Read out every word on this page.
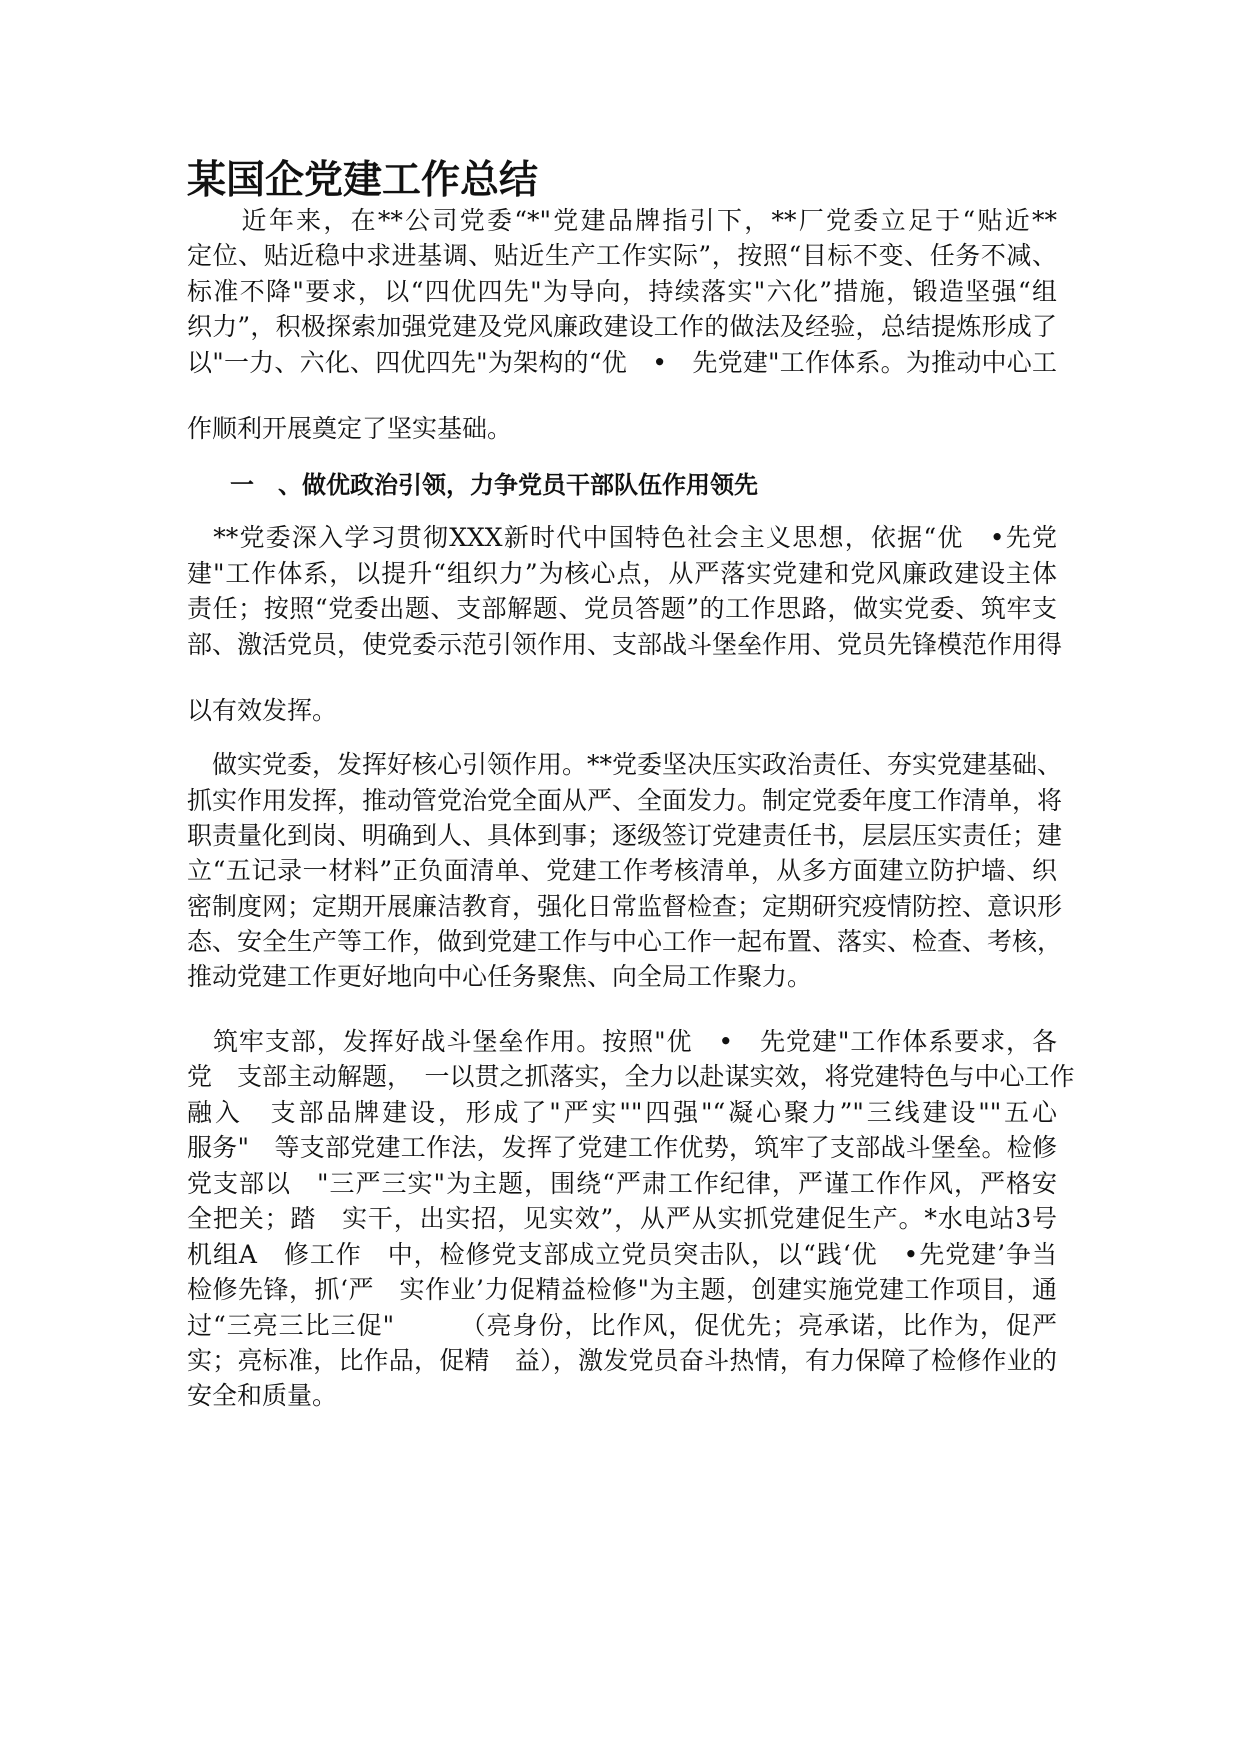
某国企党建工作总结
　　近年来，在**公司党委“*"党建品牌指引下，**厂党委立足于“贴近**
定位、贴近稳中求进基调、贴近生产工作实际”，按照“目标不变、任务不减、
标准不降"要求，以“四优四先"为导向，持续落实"六化”措施，锻造坚强“组
织力”，积极探索加强党建及党风廉政建设工作的做法及经验，总结提炼形成了
以"一力、六化、四优四先"为架构的“优　•　先党建"工作体系。为推动中心工
作顺利开展奠定了坚实基础。
一　、做优政治引领，力争党员干部队伍作用领先
　**党委深入学习贯彻XXX新时代中国特色社会主义思想，依据“优　•先党
建"工作体系，以提升“组织力”为核心点，从严落实党建和党风廉政建设主体
责任；按照“党委出题、支部解题、党员答题”的工作思路，做实党委、筑牢支
部、激活党员，使党委示范引领作用、支部战斗堡垒作用、党员先锋模范作用得
以有效发挥。
　做实党委，发挥好核心引领作用。**党委坚决压实政治责任、夯实党建基础、
抓实作用发挥，推动管党治党全面从严、全面发力。制定党委年度工作清单，将
职责量化到岗、明确到人、具体到事；逐级签订党建责任书，层层压实责任；建
立“五记录一材料”正负面清单、党建工作考核清单，从多方面建立防护墙、织
密制度网；定期开展廉洁教育，强化日常监督检查；定期研究疫情防控、意识形
态、安全生产等工作，做到党建工作与中心工作一起布置、落实、检查、考核，
推动党建工作更好地向中心任务聚焦、向全局工作聚力。
　筑牢支部，发挥好战斗堡垒作用。按照"优　•　先党建"工作体系要求，各
党　支部主动解题，　一以贯之抓落实，全力以赴谋实效，将党建特色与中心工作
融入　支部品牌建设，形成了"严实""四强"“凝心聚力”"三线建设""五心
服务"　等支部党建工作法，发挥了党建工作优势，筑牢了支部战斗堡垒。检修
党支部以　"三严三实"为主题，围绕“严肃工作纪律，严谨工作作风，严格安
全把关；踏　实干，出实招，见实效”，从严从实抓党建促生产。*水电站3号
机组A　修工作　中，检修党支部成立党员突击队，以“践‘优　•先党建’争当
检修先锋，抓‘严　实作业’力促精益检修"为主题，创建实施党建工作项目，通
过“三亮三比三促"　　　（亮身份，比作风，促优先；亮承诺，比作为，促严
实；亮标准，比作品，促精　益），激发党员奋斗热情，有力保障了检修作业的
安全和质量。
